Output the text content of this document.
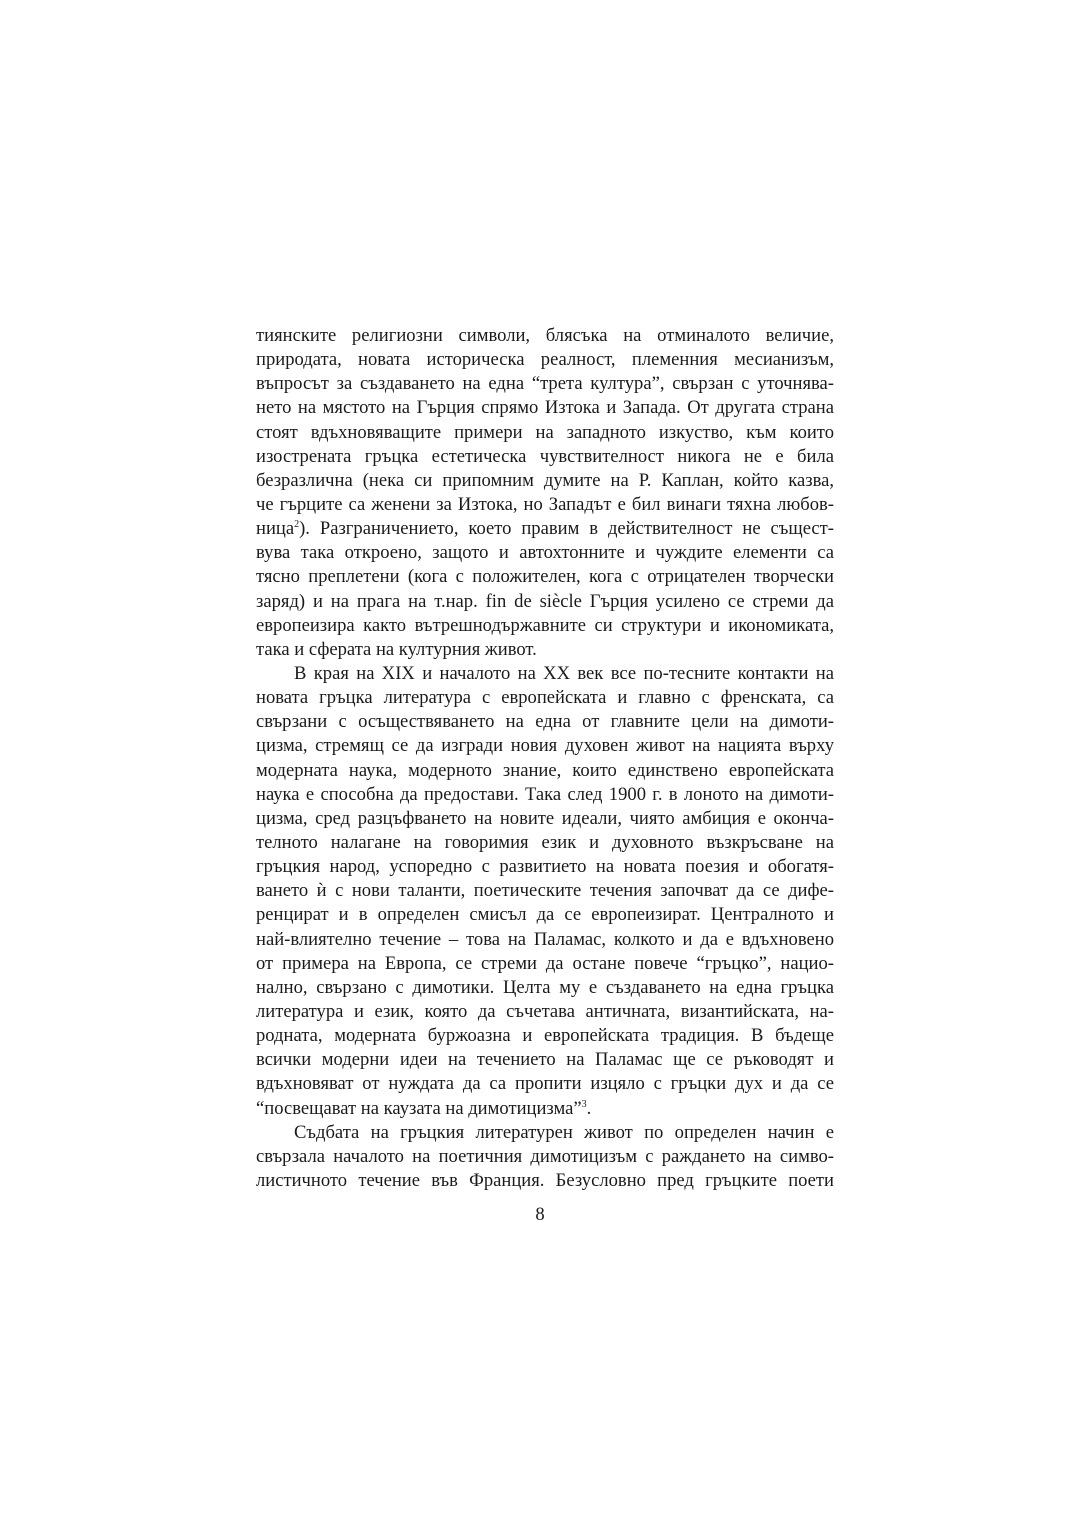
тиянските религиозни символи, блясъка на отминалото величие,
природата, новата историческа реалност, племенния месианизъм,
въпросът за създаването на една “трета култура”, свързан с уточнява-
нето на мястото на Гърция спрямо Изтока и Запада. От другата страна
стоят вдъхновяващите примери на западното изкуство, към които
изострената гръцка естетическа чувствителност никога не е била
безразлична (нека си припомним думите на Р. Каплан, който казва,
че гърците са женени за Изтока, но Западът е бил винаги тяхна любов-
ница$^2$). Разграничението, което правим в действителност не същест-
вува така откроено, защото и автохтонните и чуждите елементи са
тясно преплетени (кога с положителен, кога с отрицателен творчески
заряд) и на прага на т.нар. fin de siècle Гърция усилено се стреми да
европеизира както вътрешнодържавните си структури и икономиката,
така и сферата на културния живот.
В края на XIX и началото на XX век все по-тесните контакти на
новата гръцка литература с европейската и главно с френската, са
свързани с осъществяването на една от главните цели на димоти-
цизма, стремящ се да изгради новия духовен живот на нацията върху
модерната наука, модерното знание, които единствено европейската
наука е способна да предостави. Така след 1900 г. в лоното на димоти-
цизма, сред разцъфването на новите идеали, чиято амбиция е оконча-
телното налагане на говоримия език и духовното възкръсване на
гръцкия народ, успоредно с развитието на новата поезия и обогатя-
ването ѝ с нови таланти, поетическите течения започват да се дифе-
ренцират и в определен смисъл да се европеизират. Централното и
най-влиятелно течение – това на Паламас, колкото и да е вдъхновено
от примера на Европа, се стреми да остане повече “гръцко”, нацио-
нално, свързано с димотики. Целта му е създаването на една гръцка
литература и език, която да съчетава античната, византийската, на-
родната, модерната буржоазна и европейската традиция. В бъдеще
всички модерни идеи на течението на Паламас ще се ръководят и
вдъхновяват от нуждата да са пропити изцяло с гръцки дух и да се
“посвещават на каузата на димотицизма”$^3$.
Съдбата на гръцкия литературен живот по определен начин е
свързала началото на поетичния димотицизъм с раждането на симво-
листичното течение във Франция. Безусловно пред гръцките поети
8
